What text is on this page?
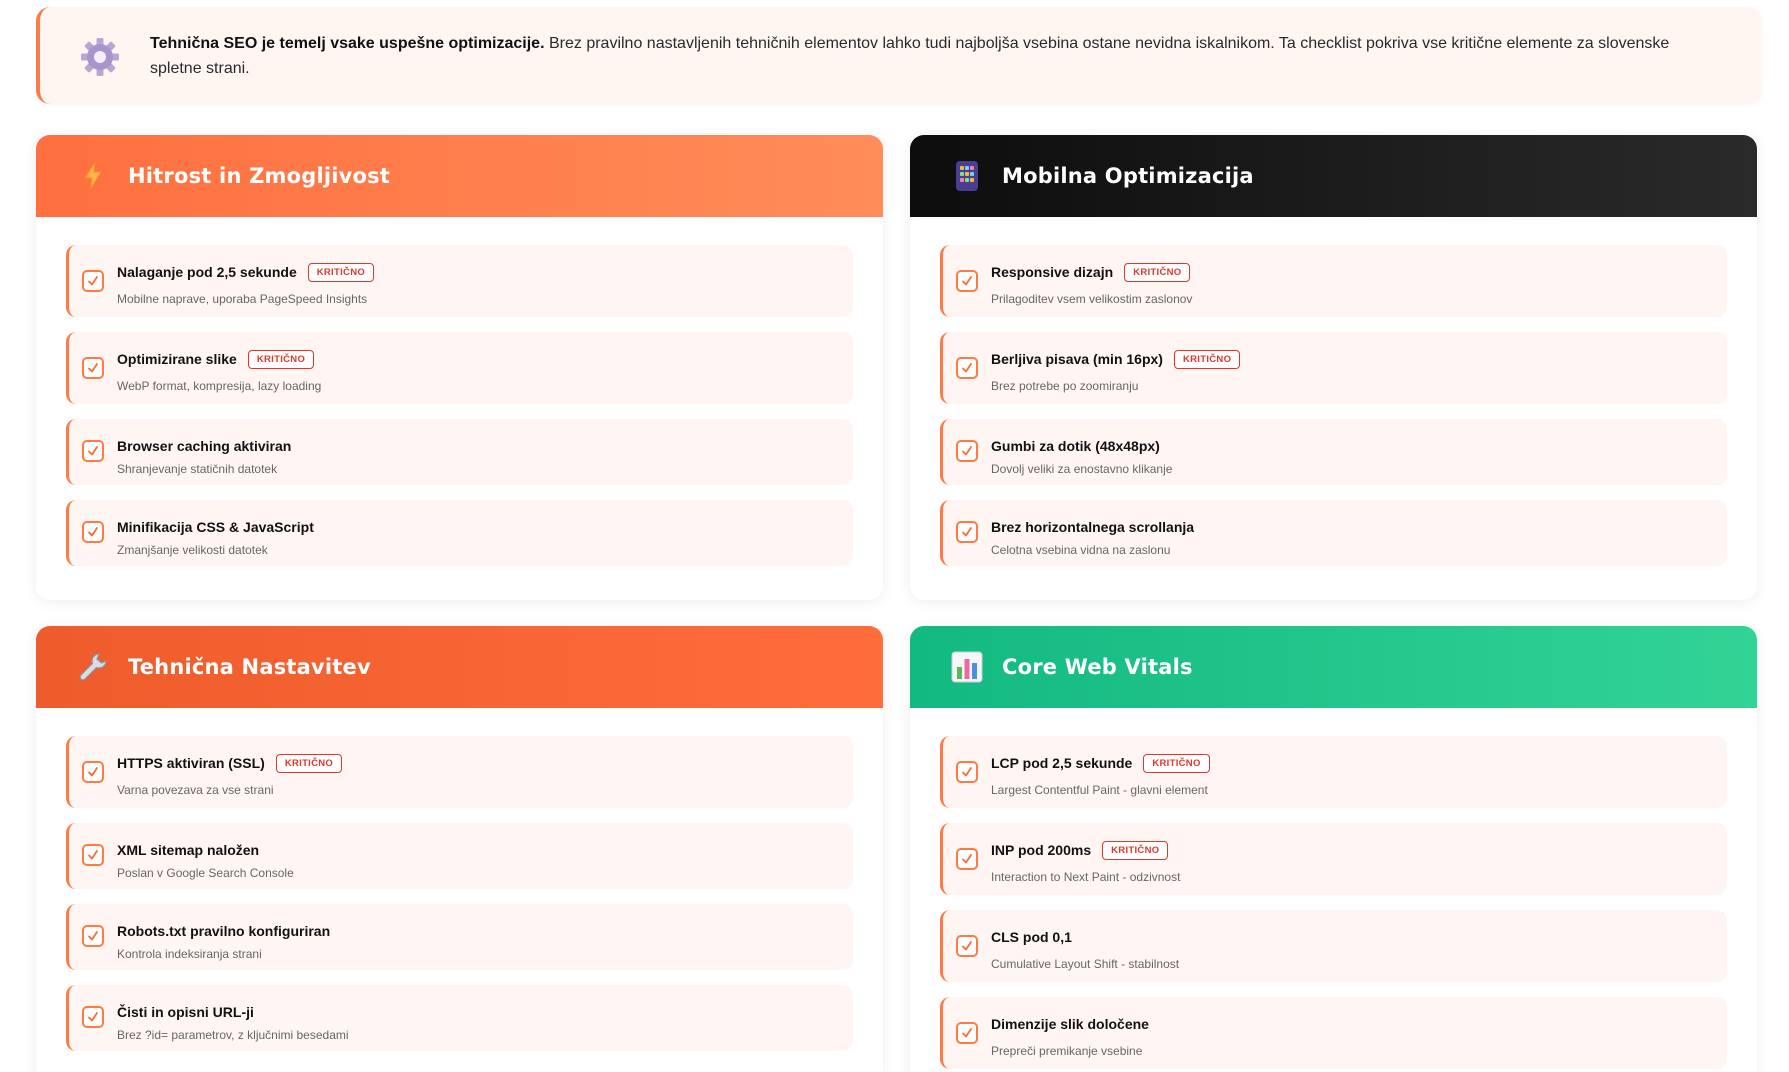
Tehnična SEO je temelj vsake uspešne optimizacije. Brez pravilno nastavljenih tehničnih elementov lahko tudi najboljša vsebina ostane nevidna iskalnikom. Ta checklist pokriva vse kritične elemente za slovenske spletne strani.

Hitrost in Zmogljivost
Nalaganje pod 2,5 sekunde	KRITIČNO
Mobilne naprave, uporaba PageSpeed Insights
Optimizirane slike	KRITIČNO
WebP format, kompresija, lazy loading
Browser caching aktiviran
Shranjevanje statičnih datotek
Minifikacija CSS & JavaScript
Zmanjšanje velikosti datotek
Mobilna Optimizacija
Responsive dizajn	KRITIČNO
Prilagoditev vsem velikostim zaslonov
Berljiva pisava (min 16px)	KRITIČNO
Brez potrebe po zoomiranju
Gumbi za dotik (48x48px)
Dovolj veliki za enostavno klikanje
Brez horizontalnega scrollanja
Celotna vsebina vidna na zaslonu
Tehnična Nastavitev
HTTPS aktiviran (SSL)	KRITIČNO
Varna povezava za vse strani
XML sitemap naložen
Poslan v Google Search Console
Robots.txt pravilno konfiguriran
Kontrola indeksiranja strani
Čisti in opisni URL-ji
Brez ?id= parametrov, z ključnimi besedami
Core Web Vitals
LCP pod 2,5 sekunde	KRITIČNO
Largest Contentful Paint - glavni element
INP pod 200ms	KRITIČNO
Interaction to Next Paint - odzivnost
CLS pod 0,1
Cumulative Layout Shift - stabilnost
Dimenzije slik določene
Prepreči premikanje vsebine
